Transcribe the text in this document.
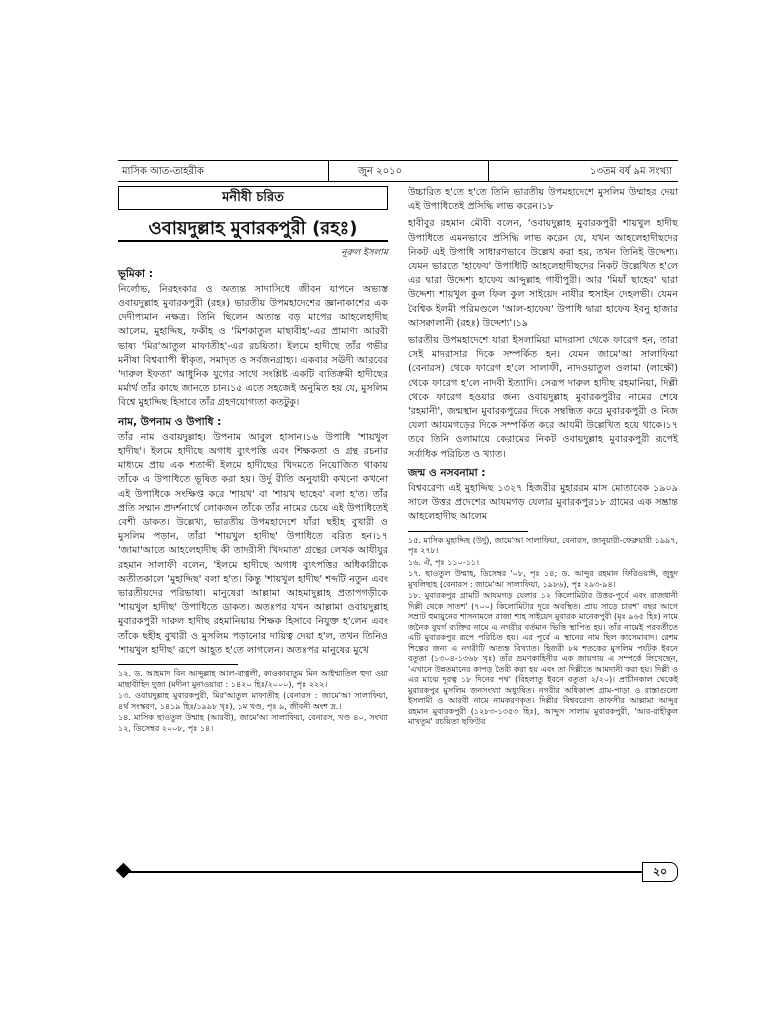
মাসিক আত-তাহরীক	জুন ২০১০	১৩তম বর্ষ ৯ম সংখ্যা
মনীষী চরিত
ওবায়দুল্লাহ মুবারকপুরী (রহঃ)
নূরুল ইসলাম
ভূমিকা :

নির্লোভ, নিরহংকার ও অত্যন্ত সাদাসিধে জীবন যাপনে অভ্যস্ত ওবায়দুল্লাহ মুবারকপুরী (রহঃ) ভারতীয় উপমহাদেশের জ্ঞানাকাশের এক দেদীপ্যমান নক্ষত্র। তিনি ছিলেন অত্যন্ত বড় মাপের আহলেহাদীছ আলেম, মুহাদ্দিছ, ফকীহ ও 'মিশকাতুল মাছাবীহ'-এর প্রামাণ্য আরবী ভাষ্য 'মির'আতুল মাফাতীহ'-এর রচয়িতা। ইলমে হাদীছে তাঁর গভীর মনীষা বিশ্বব্যাপী স্বীকৃত, সমাদৃত ও সর্বজনগ্রাহ্য। একবার সঊদী আরবের 'দারুল ইফতা' আধুনিক যুগের সাথে সংশ্লিষ্ট একটি ব্যতিক্রমী হাদীছের মর্মার্থ তাঁর কাছে জানতে চান।১৫ এতে সহজেই অনুমিত হয় যে, মুসলিম বিশ্বে মুহাদ্দিছ হিসাবে তাঁর গ্রহণযোগ্যতা কতটুকু।

নাম, উপনাম ও উপাধি :

তাঁর নাম ওবায়দুল্লাহ। উপনাম আবুল হাসান।১৬ উপাধি 'শায়খুল হাদীছ'। ইলমে হাদীছে অগাধ ব্যুৎপত্তি এবং শিক্ষকতা ও গ্রন্থ রচনার মাধ্যমে প্রায় এক শতাব্দী ইলমে হাদীছের খিদমতে নিয়োজিত থাকায় তাঁকে এ উপাধিতে ভূষিত করা হয়। উর্দু রীতি অনুযায়ী কখনো কখনো এই উপাধিকে সংক্ষিপ্ত করে 'শায়খ' বা 'শায়খ ছাহেব' বলা হ'ত। তাঁর প্রতি সম্মান প্রদর্শনার্থে লোকজন তাঁকে তাঁর নামের চেয়ে এই উপাধিতেই বেশী ডাকত। উল্লেখ্য, ভারতীয় উপমহাদেশে যাঁরা ছহীহ বুখারী ও মুসলিম পড়ান, তাঁরা 'শায়খুল হাদীছ' উপাধিতে বরিত হন।১৭ 'জামা'আতে আহলেহাদীছ কী তাদরীসী খিদমাত' গ্রন্থের লেখক আযীযুর রহমান সালাফী বলেন, 'ইলমে হাদীছে অগাধ ব্যুৎপত্তির অধিকারীকে অতীতকালে 'মুহাদ্দিছ' বলা হ'ত। কিন্তু 'শায়খুল হাদীছ' শব্দটি নতুন এবং ভারতীয়দের পরিভাষা। মানুষেরা আল্লামা আহমাদুল্লাহ প্রতাপগড়ীকে 'শায়খুল হাদীছ' উপাধিতে ডাকত। অতঃপর যখন আল্লামা ওবায়দুল্লাহ মুবারকপুরী দারুল হাদীছ রহমানিয়ায় শিক্ষক হিসাবে নিযুক্ত হ'লেন এবং তাঁকে ছহীহ বুখারী ও মুসলিম পড়ানোর দায়িত্ব দেয়া হ'ল, তখন তিনিও 'শায়খুল হাদীছ' রূপে আহূত হ'তে লাগলেন। অতঃপর মানুষের মুখে

১২. ড. আহমাদ বিন আব্দুল্লাহ আল-বাত্বলী, কাওকাবাতুম মিন আইম্মাতিল হুদা ওয়া মাছাবীহিদ দুজা (মদীনা মুনাওয়ারা : ১৪২০ হিঃ/২০০০), পৃঃ ২২২।
১৩. ওবায়দুল্লাহ মুবারকপুরী, মির'আতুল মাফাতীহ (বেনারস : জামে'আ সালাফিয়া, ৪র্থ সংস্করণ, ১৪১৯ হিঃ/১৯৯৮ খৃঃ), ১ম খণ্ড, পৃঃ ৯, জীবনী অংশ দ্র.।
১৪. মাসিক ছাওতুল উম্মাহ (আরবী), জামে'আ সালাফিয়া, বেনারস, খণ্ড ৪০, সংখ্যা ১২, ডিসেম্বর ২০০৮, পৃঃ ১৪।

উচ্চারিত হ'তে হ'তে তিনি ভারতীয় উপমহাদেশে মুসলিম উম্মাহর দেয়া এই উপাধিতেই প্রসিদ্ধি লাভ করেন।১৮

হাবীবুর রহমান মৌবী বলেন, 'ওবায়দুল্লাহ মুবারকপুরী শায়খুল হাদীছ উপাধিতে এমনভাবে প্রসিদ্ধি লাভ করেন যে, যখন আহলেহাদীছদের নিকট এই উপাধি সাধারণভাবে উল্লেখ করা হয়, তখন তিনিই উদ্দেশ্য। যেমন ভারতে 'হাফেয' উপাধিটি আহলেহাদীছদের নিকট উল্লেখিত হ'লে এর দ্বারা উদ্দেশ্য হাফেয আব্দুল্লাহ গাযীপুরী। আর 'মিয়াঁ ছাহেব' দ্বারা উদ্দেশ্য শায়খুল কুল ফিল কুল সাইয়েদ নাযীর হুসাইন দেহলভী। যেমন বৈশ্বিক ইলমী পরিমণ্ডলে 'আল-হাফেয' উপাধি দ্বারা হাফেয ইবনু হাজার আসক্বালানী (রহঃ) উদ্দেশ্য'।১৯

ভারতীয় উপমহাদেশে যারা ইসলামিয়া মাদরাসা থেকে ফারেগ হন, তারা সেই মাদরাসার দিকে সম্পর্কিত হন। যেমন জামে'আ সালাফিয়া (বেনারস) থেকে ফারেগ হ'লে সালাফী, নাদওয়াতুল ওলামা (লাক্ষৌ) থেকে ফারেগ হ'লে নাদবী ইত্যাদি। সেরূপ দারুল হাদীছ রহমানিয়া, দিল্লী থেকে ফারেগ হওয়ার জন্য ওবায়দুল্লাহ মুবারকপুরীর নামের শেষে 'রহমানী', জন্মস্থান মুবারকপুরের দিকে সম্বন্ধিত করে মুবারকপুরী ও নিজ যেলা আযমগড়ের দিকে সম্পর্কিত করে আযমী উল্লেখিত হয়ে থাকে।১৭ তবে তিনি ওলামায়ে কেরামের নিকট ওবায়দুল্লাহ মুবারকপুরী রূপেই সর্বাধিক পরিচিত ও খ্যাত।

জন্ম ও নসবনামা :

বিশ্ববরেণ্য এই মুহাদ্দিছ ১৩২৭ হিজরীর মুহাররম মাস মোতাবেক ১৯০৯ সালে উত্তর প্রদেশের আযমগড় যেলার মুবারকপুর১৮ গ্রামের এক সম্ভ্রান্ত আহলেহাদীছ আলেম

১৫. মাসিক মুহাদ্দিছ (উর্দু), জামে'আ সালাফিয়া, বেনারস, জানুয়ারী-ফেব্রুয়ারী ১৯৯৭, পৃঃ ২৭৮।
১৬. ঐ, পৃঃ ১১০-১১।
১৭. ছাওতুল উম্মাহ, ডিসেম্বর '০৮, পৃঃ ১৪; ড. আব্দুর রহমান ফিরিওয়াঈ, জুহূদ মুখলিছাহ (বেনারস : জামে'আ সালাফিয়া, ১৯৮৬), পৃঃ ২৯৩-৯৪।
১৮. মুবারকপুর গ্রামটি আযমগড় যেলার ১২ কিলোমিটার উত্তর-পূর্বে এবং রাজধানী দিল্লী থেকে সাতশ' (৭০০) কিলোমিটার দূরে অবস্থিত। প্রায় সাড়ে চারশ' বছর আগে সম্রাট হুমায়ুনের শাসনামলে রাজা শাহ সাইয়েদ মুবারক মানেকপুরী (মৃঃ ৯৬৫ হিঃ) নামে জনৈক বুযর্গ ব্যক্তির নামে এ নগরীর বর্তমান ভিত্তি স্থাপিত হয়। তাঁর নামেই পরবর্তীতে এটি মুবারকপুর রূপে পরিচিত হয়। এর পূর্বে এ স্থানের নাম ছিল কাসেমাবাদ। রেশম শিল্পের জন্য এ নগরীটি অত্যন্ত বিখ্যাত। হিজরী ৮ম শতকের মুসলিম পর্যটক ইবনে বতূতা (১৩০৪-১৩৬৮ খৃঃ) তাঁর ভ্রমণকাহিনীর এক জায়গায় এ সম্পর্কে লিখেছেন, 'এখানে উন্নতমানের কাপড় তৈরী করা হয় এবং তা দিল্লীতে আমদানী করা হয়। দিল্লী ও এর মাঝে দূরত্ব ১৮ দিনের পথ' (রিহলাতু ইবনে বতূতা ২/২০)। প্রাচীনকাল থেকেই মুবারকপুর মুসলিম জনসংখ্যা অধ্যুষিত। নগরীর অধিকাংশ গ্রাম-পাড়া ও রাস্তাগুলো ইসলামী ও আরবী নামে নামকরণকৃত। দিল্লীর বিশ্ববরেণ্য তাফসীর আল্লামা আব্দুর রহমান মুবারকপুরী (১২৮৩-১৩৫৩ হিঃ), আব্দুস সালাম মুবারকপুরী, 'আর-রাহীকুল মাখতূম' রচয়িতা ছফিউর
২০
